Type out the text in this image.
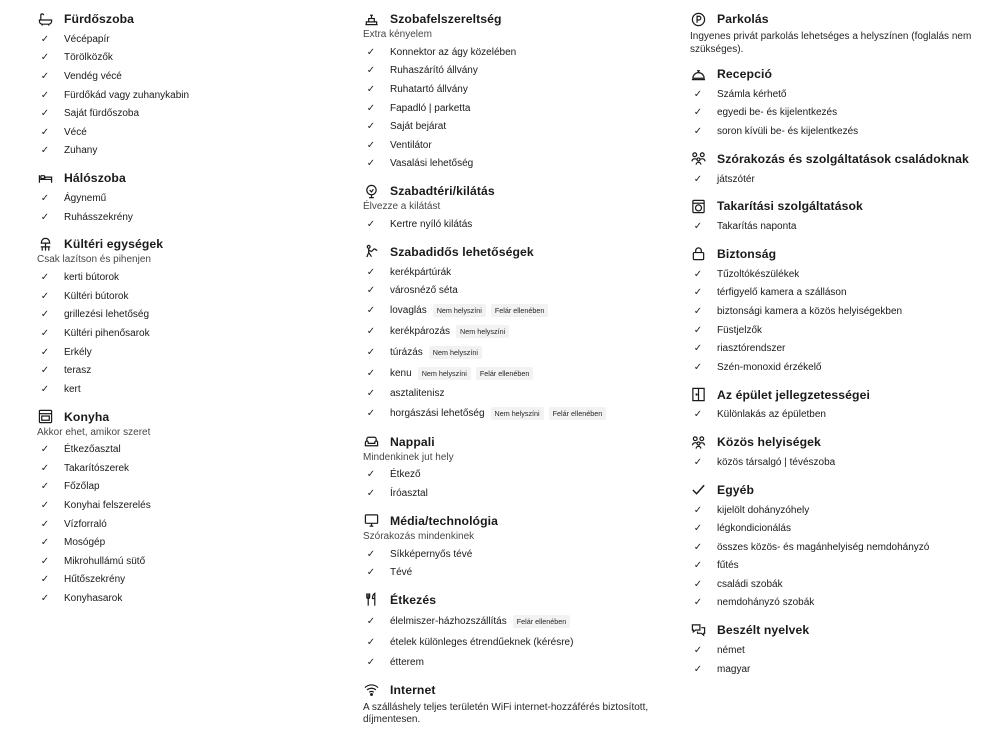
Fürdőszoba
✓	Vécépapír
✓	Törölközők
✓	Vendég vécé
✓	Fürdőkád vagy zuhanykabin
✓	Saját fürdőszoba
✓	Vécé
✓	Zuhany
Hálószoba
✓	Ágynemű
✓	Ruhásszekrény
Kültéri egységek
Csak lazítson és pihenjen
✓	kerti bútorok
✓	Kültéri bútorok
✓	grillezési lehetőség
✓	Kültéri pihenősarok
✓	Erkély
✓	terasz
✓	kert
Konyha
Akkor ehet, amikor szeret
✓	Étkezőasztal
✓	Takarítószerek
✓	Főzőlap
✓	Konyhai felszerelés
✓	Vízforraló
✓	Mosógép
✓	Mikrohullámú sütő
✓	Hűtőszekrény
✓	Konyhasarok
Szobafelszereltség
Extra kényelem
✓	Konnektor az ágy közelében
✓	Ruhaszárító állvány
✓	Ruhatartó állvány
✓	Fapadló | parketta
✓	Saját bejárat
✓	Ventilátor
✓	Vasalási lehetőség
Szabadtéri/kilátás
Élvezze a kilátást
✓	Kertre nyíló kilátás
Szabadidős lehetőségek
✓	kerékpártúrák
✓	városnéző séta
✓	lovaglás	Nem helyszíni	Felár ellenében
✓	kerékpározás	Nem helyszíni
✓	túrázás	Nem helyszíni
✓	kenu	Nem helyszíni	Felár ellenében
✓	asztalitenisz
✓	horgászási lehetőség	Nem helyszíni	Felár ellenében
Nappali
Mindenkinek jut hely
✓	Étkező
✓	Íróasztal
Média/technológia
Szórakozás mindenkinek
✓	Síkképernyős tévé
✓	Tévé
Étkezés
✓	élelmiszer-házhozszállítás	Felár ellenében
✓	ételek különleges étrendűeknek (kérésre)
✓	étterem
Internet
A szálláshely teljes területén WiFi internet-hozzáférés biztosított, díjmentesen.
Parkolás
Ingyenes privát parkolás lehetséges a helyszínen (foglalás nem szükséges).
Recepció
✓	Számla kérhető
✓	egyedi be- és kijelentkezés
✓	soron kívüli be- és kijelentkezés
Szórakozás és szolgáltatások családoknak
✓	játszótér
Takarítási szolgáltatások
✓	Takarítás naponta
Biztonság
✓	Tűzoltókészülékek
✓	térfigyelő kamera a szálláson
✓	biztonsági kamera a közös helyiségekben
✓	Füstjelzők
✓	riasztórendszer
✓	Szén-monoxid érzékelő
Az épület jellegzetességei
✓	Különlakás az épületben
Közös helyiségek
✓	közös társalgó | tévészoba
Egyéb
✓	kijelölt dohányzóhely
✓	légkondicionálás
✓	összes közös- és magánhelyiség nemdohányzó
✓	fűtés
✓	családi szobák
✓	nemdohányzó szobák
Beszélt nyelvek
✓	német
✓	magyar
